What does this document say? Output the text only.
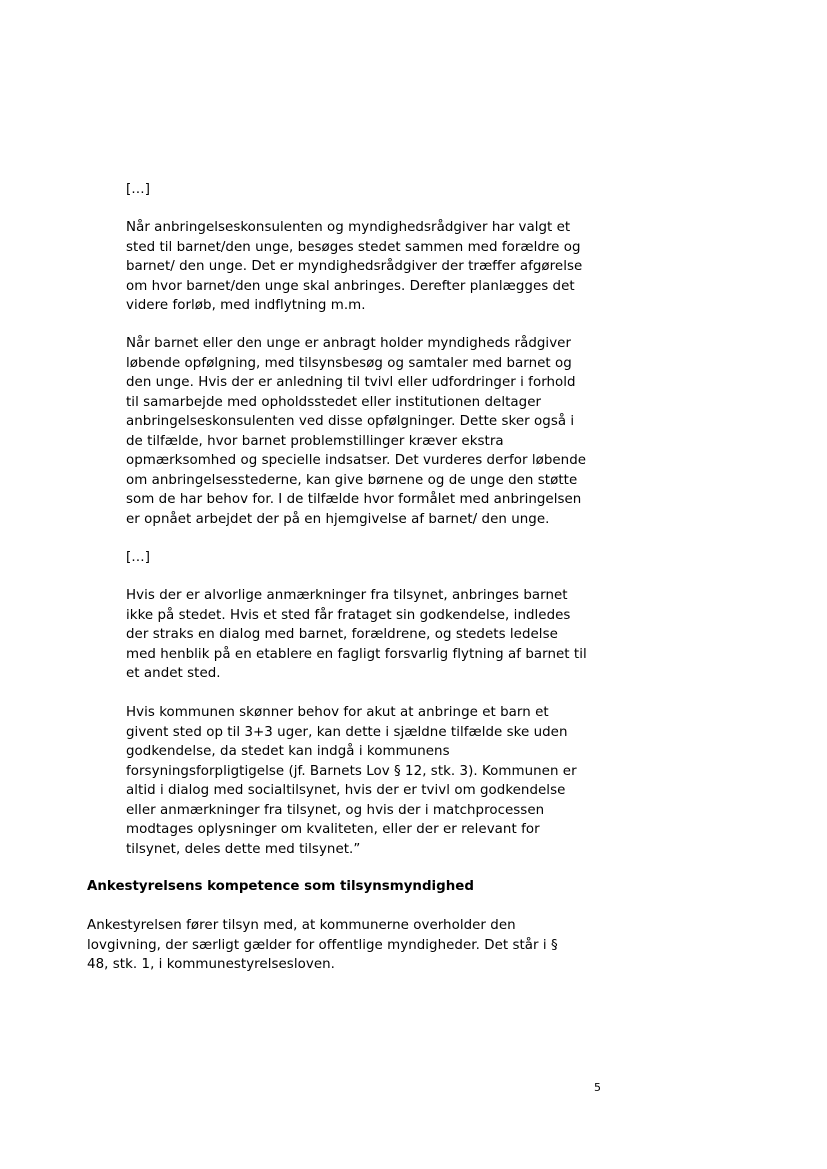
[…]
Når anbringelseskonsulenten og myndighedsrådgiver har valgt et
sted til barnet/den unge, besøges stedet sammen med forældre og
barnet/ den unge. Det er myndighedsrådgiver der træffer afgørelse
om hvor barnet/den unge skal anbringes. Derefter planlægges det
videre forløb, med indflytning m.m.
Når barnet eller den unge er anbragt holder myndigheds rådgiver
løbende opfølgning, med tilsynsbesøg og samtaler med barnet og
den unge. Hvis der er anledning til tvivl eller udfordringer i forhold
til samarbejde med opholdsstedet eller institutionen deltager
anbringelseskonsulenten ved disse opfølgninger. Dette sker også i
de tilfælde, hvor barnet problemstillinger kræver ekstra
opmærksomhed og specielle indsatser. Det vurderes derfor løbende
om anbringelsesstederne, kan give børnene og de unge den støtte
som de har behov for. I de tilfælde hvor formålet med anbringelsen
er opnået arbejdet der på en hjemgivelse af barnet/ den unge.
[…]
Hvis der er alvorlige anmærkninger fra tilsynet, anbringes barnet
ikke på stedet. Hvis et sted får frataget sin godkendelse, indledes
der straks en dialog med barnet, forældrene, og stedets ledelse
med henblik på en etablere en fagligt forsvarlig flytning af barnet til
et andet sted.
Hvis kommunen skønner behov for akut at anbringe et barn et
givent sted op til 3+3 uger, kan dette i sjældne tilfælde ske uden
godkendelse, da stedet kan indgå i kommunens
forsyningsforpligtigelse (jf. Barnets Lov § 12, stk. 3). Kommunen er
altid i dialog med socialtilsynet, hvis der er tvivl om godkendelse
eller anmærkninger fra tilsynet, og hvis der i matchprocessen
modtages oplysninger om kvaliteten, eller der er relevant for
tilsynet, deles dette med tilsynet.”
Ankestyrelsens kompetence som tilsynsmyndighed
Ankestyrelsen fører tilsyn med, at kommunerne overholder den
lovgivning, der særligt gælder for offentlige myndigheder. Det står i §
48, stk. 1, i kommunestyrelsesloven.
5
